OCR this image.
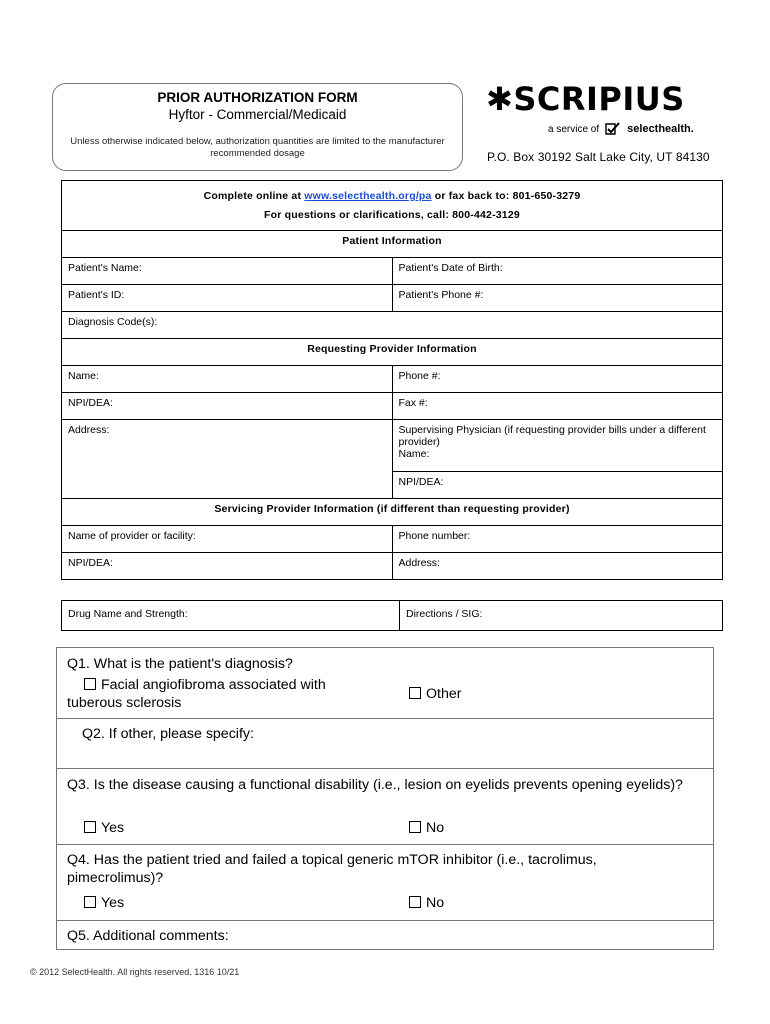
PRIOR AUTHORIZATION FORM
Hyftor - Commercial/Medicaid
Unless otherwise indicated below, authorization quantities are limited to the manufacturer recommended dosage
✱SCRIPIUS
a service of	selecthealth.
P.O. Box 30192 Salt Lake City, UT 84130
Complete online at www.selecthealth.org/pa or fax back to: 801-650-3279
For questions or clarifications, call: 800-442-3129	

Patient Information	
Patient's Name:	Patient's Date of Birth:
Patient's ID:	Patient's Phone #:
Diagnosis Code(s):	
Requesting Provider Information	
Name:	Phone #:
NPI/DEA:	Fax #:
Address:	Supervising Physician (if requesting provider bills under a different provider)
Name:

	NPI/DEA:
Servicing Provider Information (if different than requesting provider)	
Name of provider or facility:	Phone number:
NPI/DEA:	Address:
Drug Name and Strength:	Directions / SIG:
Q1. What is the patient's diagnosis?
Facial angiofibroma associated with
tuberous sclerosis
Other
Q2. If other, please specify:
Q3. Is the disease causing a functional disability (i.e., lesion on eyelids prevents opening eyelids)?
Yes	No
Q4. Has the patient tried and failed a topical generic mTOR inhibitor (i.e., tacrolimus, pimecrolimus)?
Yes	No
Q5. Additional comments:
© 2012 SelectHealth. All rights reserved. 1316 10/21
